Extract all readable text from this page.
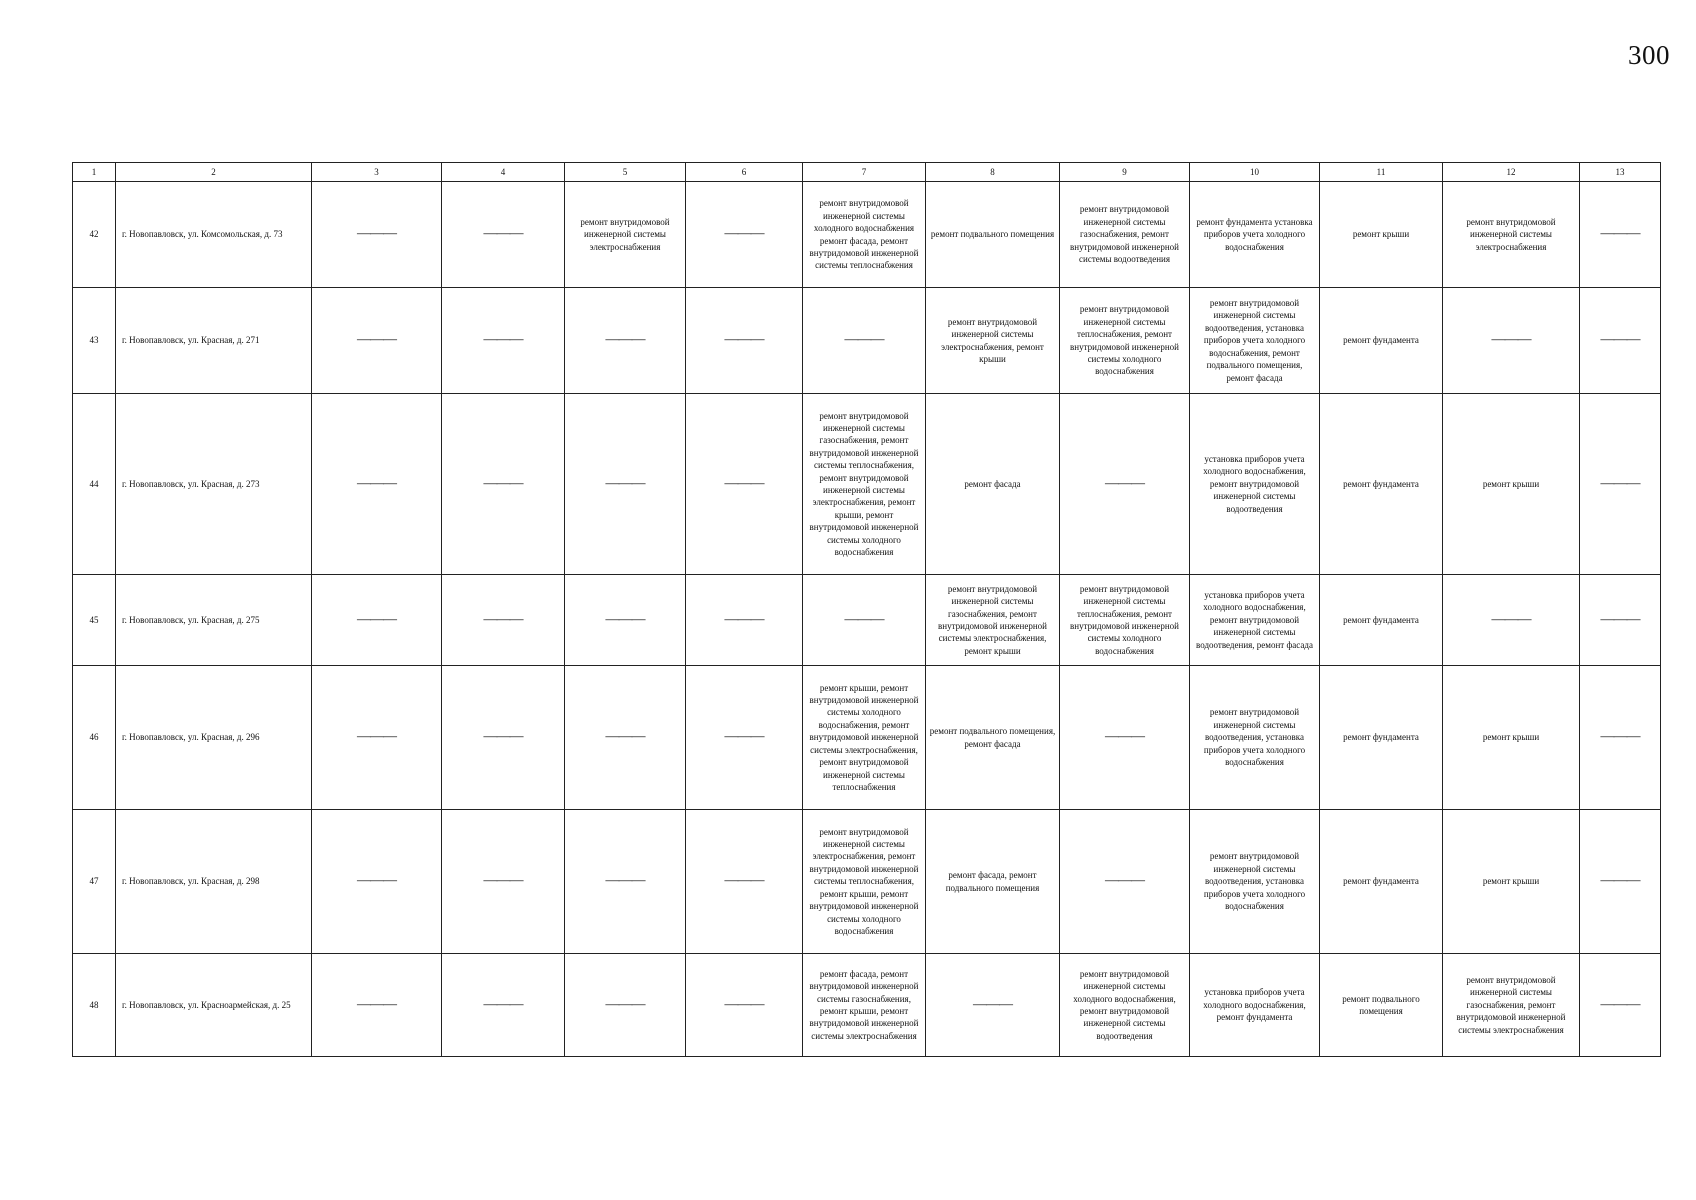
300
1	2	3	4	5	6	7	8	9	10	11	12	13
42	г. Новопавловск, ул. Комсомольская, д. 73	———	———	ремонт внутридомовой инженерной системы электроснабжения	———	ремонт внутридомовой инженерной системы холодного водоснабжения ремонт фасада, ремонт внутридомовой инженерной системы теплоснабжения	ремонт подвального помещения	ремонт внутридомовой инженерной системы газоснабжения, ремонт внутридомовой инженерной системы водоотведения	ремонт фундамента установка приборов учета холодного водоснабжения	ремонт крыши	ремонт внутридомовой инженерной системы электроснабжения	———
43	г. Новопавловск, ул. Красная, д. 271	———	———	———	———	———	ремонт внутридомовой инженерной системы электроснабжения, ремонт крыши	ремонт внутридомовой инженерной системы теплоснабжения, ремонт внутридомовой инженерной системы холодного водоснабжения	ремонт внутридомовой инженерной системы водоотведения, установка приборов учета холодного водоснабжения, ремонт подвального помещения, ремонт фасада	ремонт фундамента	———	———
44	г. Новопавловск, ул. Красная, д. 273	———	———	———	———	ремонт внутридомовой инженерной системы газоснабжения, ремонт внутридомовой инженерной системы теплоснабжения, ремонт внутридомовой инженерной системы электроснабжения, ремонт крыши, ремонт внутридомовой инженерной системы холодного водоснабжения	ремонт фасада	———	установка приборов учета холодного водоснабжения, ремонт внутридомовой инженерной системы водоотведения	ремонт фундамента	ремонт крыши	———
45	г. Новопавловск, ул. Красная, д. 275	———	———	———	———	———	ремонт внутридомовой инженерной системы газоснабжения, ремонт внутридомовой инженерной системы электроснабжения, ремонт крыши	ремонт внутридомовой инженерной системы теплоснабжения, ремонт внутридомовой инженерной системы холодного водоснабжения	установка приборов учета холодного водоснабжения, ремонт внутридомовой инженерной системы водоотведения, ремонт фасада	ремонт фундамента	———	———
46	г. Новопавловск, ул. Красная, д. 296	———	———	———	———	ремонт крыши, ремонт внутридомовой инженерной системы холодного водоснабжения, ремонт внутридомовой инженерной системы электроснабжения, ремонт внутридомовой инженерной системы теплоснабжения	ремонт подвального помещения, ремонт фасада	———	ремонт внутридомовой инженерной системы водоотведения, установка приборов учета холодного водоснабжения	ремонт фундамента	ремонт крыши	———
47	г. Новопавловск, ул. Красная, д. 298	———	———	———	———	ремонт внутридомовой инженерной системы электроснабжения, ремонт внутридомовой инженерной системы теплоснабжения, ремонт крыши, ремонт внутридомовой инженерной системы холодного водоснабжения	ремонт фасада, ремонт подвального помещения	———	ремонт внутридомовой инженерной системы водоотведения, установка приборов учета холодного водоснабжения	ремонт фундамента	ремонт крыши	———
48	г. Новопавловск, ул. Красноармейская, д. 25	———	———	———	———	ремонт фасада, ремонт внутридомовой инженерной системы газоснабжения, ремонт крыши, ремонт внутридомовой инженерной системы электроснабжения	———	ремонт внутридомовой инженерной системы холодного водоснабжения, ремонт внутридомовой инженерной системы водоотведения	установка приборов учета холодного водоснабжения, ремонт фундамента	ремонт подвального помещения	ремонт внутридомовой инженерной системы газоснабжения, ремонт внутридомовой инженерной системы электроснабжения	———
